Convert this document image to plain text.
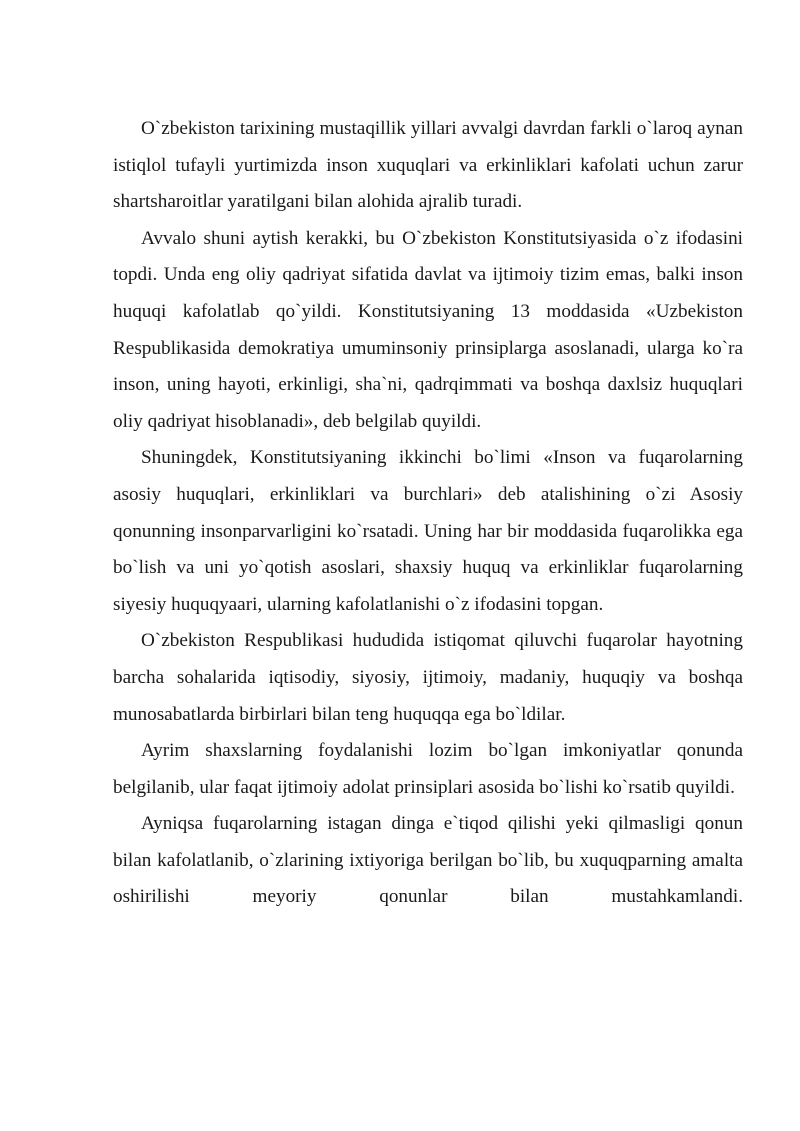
O`zbekiston tarixining mustaqillik yillari avvalgi davrdan farkli o`laroq aynan istiqlol tufayli yurtimizda inson xuquqlari va erkinliklari kafolati uchun zarur shartsharoitlar yaratilgani bilan alohida ajralib turadi.

Avvalo shuni aytish kerakki, bu O`zbekiston Konstitutsiyasida o`z ifodasini topdi. Unda eng oliy qadriyat sifatida davlat va ijtimoiy tizim emas, balki inson huquqi kafolatlab qo`yildi. Konstitutsiyaning 13 moddasida «Uzbekiston Respublikasida demokratiya umuminsoniy prinsiplarga asoslanadi, ularga ko`ra inson, uning hayoti, erkinligi, sha`ni, qadrqimmati va boshqa daxlsiz huquqlari oliy qadriyat hisoblanadi», deb belgilab quyildi.

Shuningdek, Konstitutsiyaning ikkinchi bo`limi «Inson va fuqarolarning asosiy huquqlari, erkinliklari va burchlari» deb atalishining o`zi Asosiy qonunning insonparvarligini ko`rsatadi. Uning har bir moddasida fuqarolikka ega bo`lish va uni yo`qotish asoslari, shaxsiy huquq va erkinliklar fuqarolarning siyesiy huquqyaari, ularning kafolatlanishi o`z ifodasini topgan.

O`zbekiston Respublikasi hududida istiqomat qiluvchi fuqarolar hayotning barcha sohalarida iqtisodiy, siyosiy, ijtimoiy, madaniy, huquqiy va boshqa munosabatlarda birbirlari bilan teng huquqqa ega bo`ldilar.

Ayrim shaxslarning foydalanishi lozim bo`lgan imkoniyatlar qonunda belgilanib, ular faqat ijtimoiy adolat prinsiplari asosida bo`lishi ko`rsatib quyildi.

Ayniqsa fuqarolarning istagan dinga e`tiqod qilishi yeki qilmasligi qonun bilan kafolatlanib, o`zlarining ixtiyoriga berilgan bo`lib, bu xuquqparning amalta oshirilishi meyoriy qonunlar bilan mustahkamlandi.
